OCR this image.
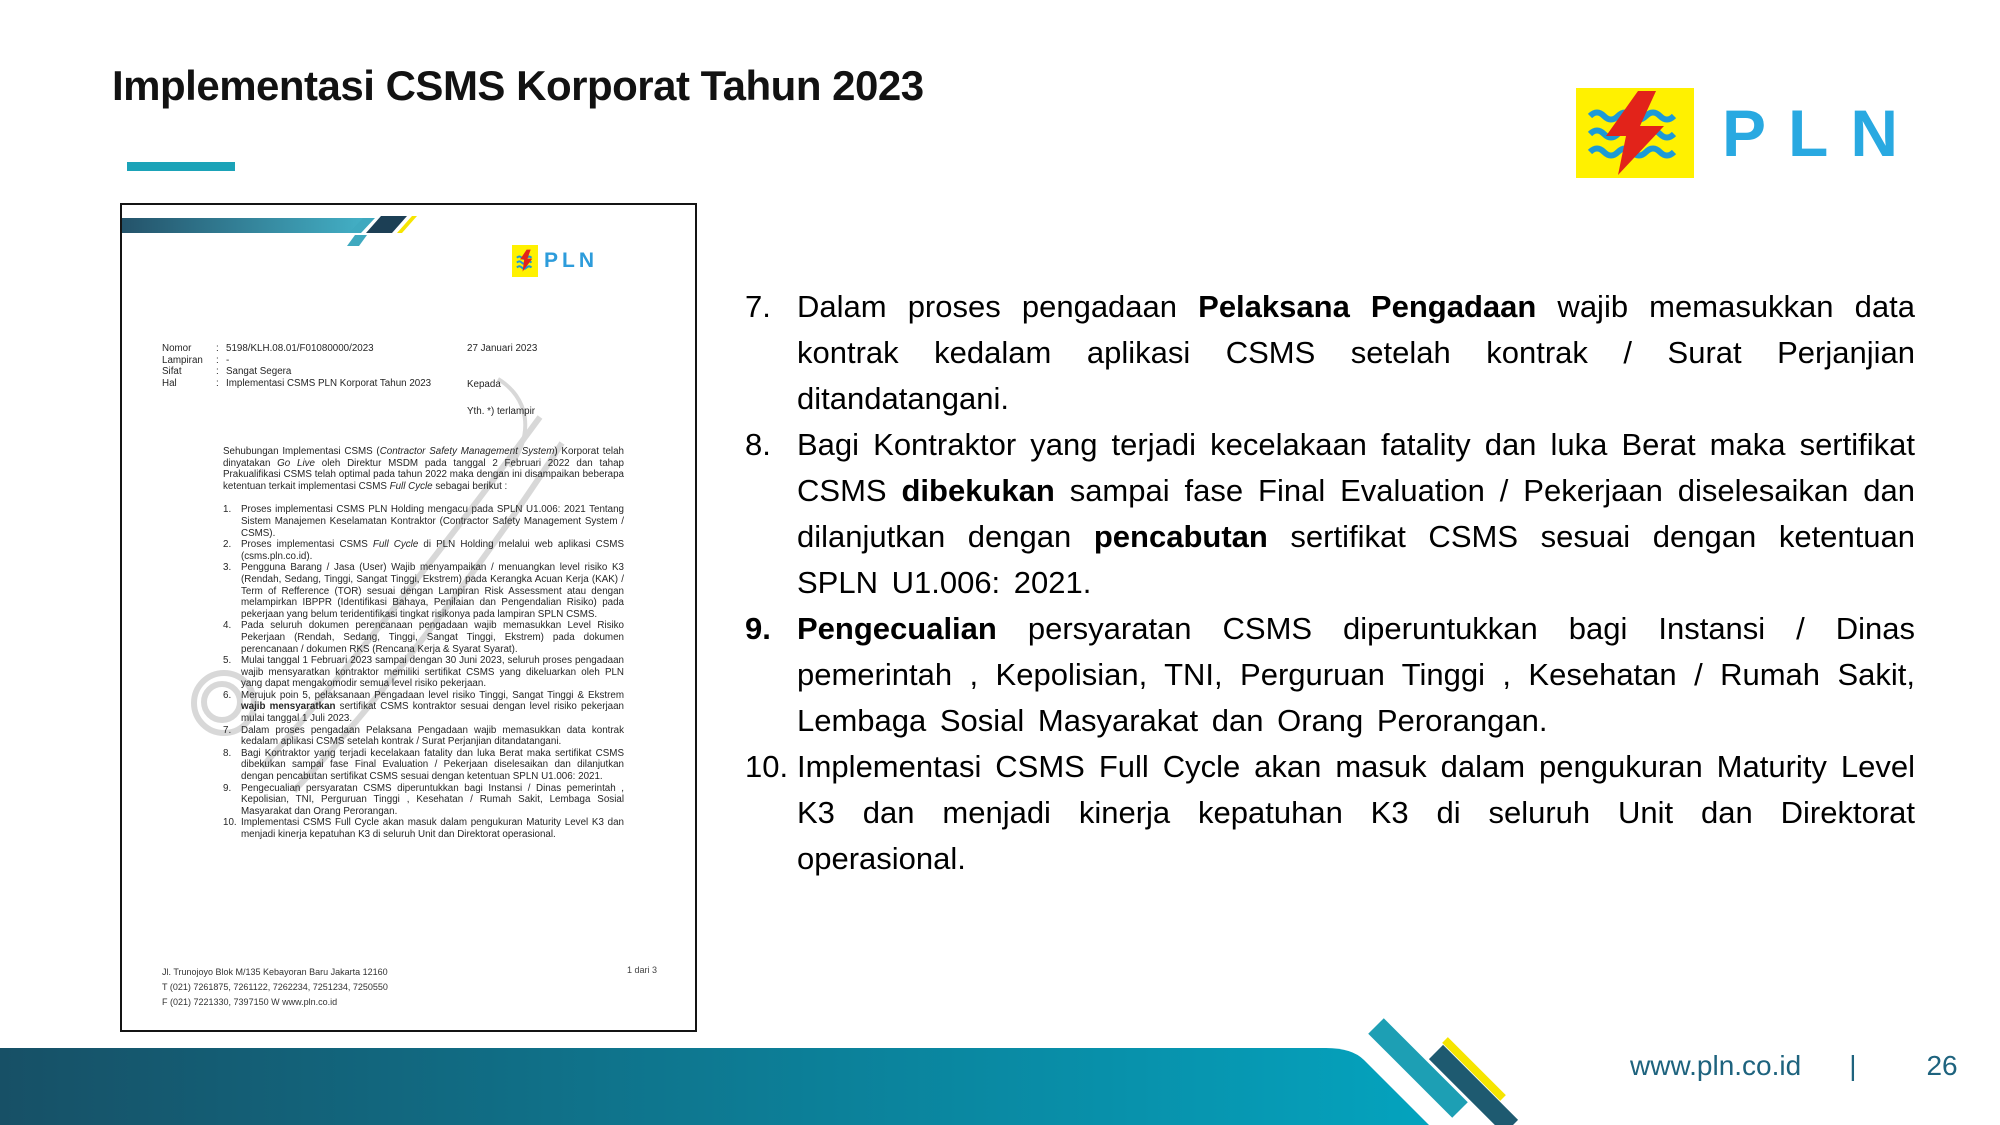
Implementasi CSMS Korporat Tahun 2023
PLN
PLN
Nomor	: 5198/KLH.08.01/F01080000/2023
Lampiran	: -
Sifat	: Sangat Segera
Hal	: Implementasi CSMS PLN Korporat Tahun 2023
27 Januari 2023
Kepada
Yth. *) terlampir

Sehubungan Implementasi CSMS (Contractor Safety Management System) Korporat telah dinyatakan Go Live oleh Direktur MSDM pada tanggal 2 Februari 2022 dan tahap Prakualifikasi CSMS telah optimal pada tahun 2022 maka dengan ini disampaikan beberapa ketentuan terkait implementasi CSMS Full Cycle sebagai berikut :

1.	Proses implementasi CSMS PLN Holding mengacu pada SPLN U1.006: 2021 Tentang Sistem Manajemen Keselamatan Kontraktor (Contractor Safety Management System / CSMS).
2.	Proses implementasi CSMS Full Cycle di PLN Holding melalui web aplikasi CSMS (csms.pln.co.id).
3.	Pengguna Barang / Jasa (User) Wajib menyampaikan / menuangkan level risiko K3 (Rendah, Sedang, Tinggi, Sangat Tinggi, Ekstrem) pada Kerangka Acuan Kerja (KAK) / Term of Refference (TOR) sesuai dengan Lampiran Risk Assessment atau dengan melampirkan IBPPR (Identifikasi Bahaya, Penilaian dan Pengendalian Risiko) pada pekerjaan yang belum teridentifikasi tingkat risikonya pada lampiran SPLN CSMS.
4.	Pada seluruh dokumen perencanaan pengadaan wajib memasukkan Level Risiko Pekerjaan (Rendah, Sedang, Tinggi, Sangat Tinggi, Ekstrem) pada dokumen perencanaan / dokumen RKS (Rencana Kerja & Syarat Syarat).
5.	Mulai tanggal 1 Februari 2023 sampai dengan 30 Juni 2023, seluruh proses pengadaan wajib mensyaratkan kontraktor memiliki sertifikat CSMS yang dikeluarkan oleh PLN yang dapat mengakomodir semua level risiko pekerjaan.
6.	Merujuk poin 5, pelaksanaan Pengadaan level risiko Tinggi, Sangat Tinggi & Ekstrem wajib mensyaratkan sertifikat CSMS kontraktor sesuai dengan level risiko pekerjaan mulai tanggal 1 Juli 2023.
7.	Dalam proses pengadaan Pelaksana Pengadaan wajib memasukkan data kontrak kedalam aplikasi CSMS setelah kontrak / Surat Perjanjian ditandatangani.
8.	Bagi Kontraktor yang terjadi kecelakaan fatality dan luka Berat maka sertifikat CSMS dibekukan sampai fase Final Evaluation / Pekerjaan diselesaikan dan dilanjutkan dengan pencabutan sertifikat CSMS sesuai dengan ketentuan SPLN U1.006: 2021.
9.	Pengecualian persyaratan CSMS diperuntukkan bagi Instansi / Dinas pemerintah , Kepolisian, TNI, Perguruan Tinggi , Kesehatan / Rumah Sakit, Lembaga Sosial Masyarakat dan Orang Perorangan.
10. Implementasi CSMS Full Cycle akan masuk dalam pengukuran Maturity Level K3 dan menjadi kinerja kepatuhan K3 di seluruh Unit dan Direktorat operasional.
Jl. Trunojoyo Blok M/135 Kebayoran Baru Jakarta 12160
T (021) 7261875, 7261122, 7262234, 7251234, 7250550
F (021) 7221330, 7397150 W www.pln.co.id
1 dari 3
7. Dalam proses pengadaan Pelaksana Pengadaan wajib memasukkan data kontrak kedalam aplikasi CSMS setelah kontrak / Surat Perjanjian ditandatangani.
8. Bagi Kontraktor yang terjadi kecelakaan fatality dan luka Berat maka sertifikat CSMS dibekukan sampai fase Final Evaluation / Pekerjaan diselesaikan dan dilanjutkan dengan pencabutan sertifikat CSMS sesuai dengan ketentuan SPLN U1.006: 2021.
9. Pengecualian persyaratan CSMS diperuntukkan bagi Instansi / Dinas pemerintah , Kepolisian, TNI, Perguruan Tinggi , Kesehatan / Rumah Sakit, Lembaga Sosial Masyarakat dan Orang Perorangan.
10. Implementasi CSMS Full Cycle akan masuk dalam pengukuran Maturity Level K3 dan menjadi kinerja kepatuhan K3 di seluruh Unit dan Direktorat operasional.
www.pln.co.id |	26
